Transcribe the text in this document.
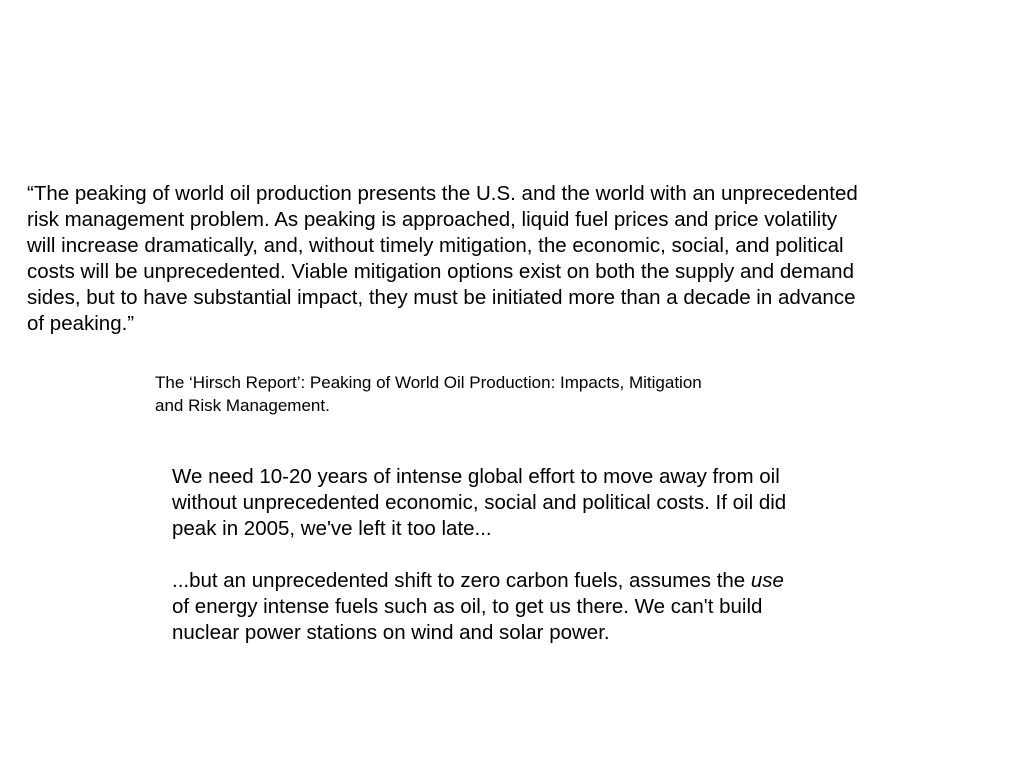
“The peaking of world oil production presents the U.S. and the world with an unprecedented
risk management problem. As peaking is approached, liquid fuel prices and price volatility
will increase dramatically, and, without timely mitigation, the economic, social, and political
costs will be unprecedented. Viable mitigation options exist on both the supply and demand
sides, but to have substantial impact, they must be initiated more than a decade in advance
of peaking.”
The ‘Hirsch Report’: Peaking of World Oil Production: Impacts, Mitigation
and Risk Management.
We need 10-20 years of intense global effort to move away from oil
without unprecedented economic, social and political costs. If oil did
peak in 2005, we've left it too late...
...but an unprecedented shift to zero carbon fuels, assumes the use
of energy intense fuels such as oil, to get us there. We can't build
nuclear power stations on wind and solar power.
